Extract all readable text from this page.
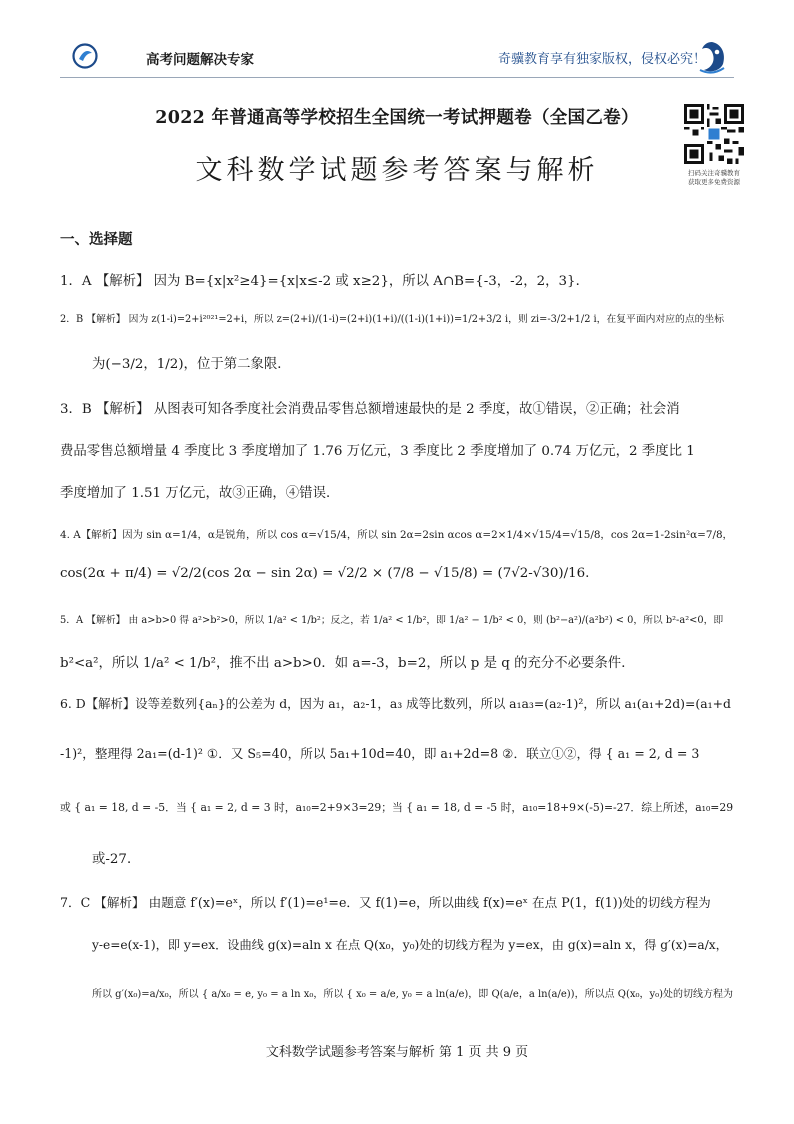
高考问题解决专家	奇骥教育享有独家版权，侵权必究！
2022 年普通高等学校招生全国统一考试押题卷（全国乙卷）
文科数学试题参考答案与解析	扫码关注奇骥教育
获取更多免费资源
一、选择题
1．A 【解析】 因为 B={x|x²≥4}={x|x≤-2 或 x≥2}，所以 A∩B={-3，-2，2，3}．
2．B 【解析】 因为 z(1-i)=2+i²⁰²¹=2+i，所以 z=(2+i)/(1-i)=(2+i)(1+i)/((1-i)(1+i))=1/2+3/2 i，则 zi=-3/2+1/2 i，在复平面内对应的点的坐标
为(−3/2，1/2)，位于第二象限．
3．B 【解析】 从图表可知各季度社会消费品零售总额增速最快的是 2 季度，故①错误，②正确；社会消
费品零售总额增量 4 季度比 3 季度增加了 1.76 万亿元，3 季度比 2 季度增加了 0.74 万亿元，2 季度比 1
季度增加了 1.51 万亿元，故③正确，④错误．
4. A【解析】因为 sin α=1/4，α是锐角，所以 cos α=√15/4，所以 sin 2α=2sin αcos α=2×1/4×√15/4=√15/8，cos 2α=1-2sin²α=7/8，
cos(2α + π/4) = √2/2(cos 2α − sin 2α) = √2/2 × (7/8 − √15/8) = (7√2-√30)/16.
5．A 【解析】 由 a>b>0 得 a²>b²>0，所以 1/a² < 1/b²；反之，若 1/a² < 1/b²，即 1/a² − 1/b² < 0，则 (b²−a²)/(a²b²) < 0，所以 b²-a²<0，即
b²<a²，所以 1/a² < 1/b²，推不出 a>b>0．如 a=-3，b=2，所以 p 是 q 的充分不必要条件．
6. D【解析】设等差数列{aₙ}的公差为 d，因为 a₁，a₂-1，a₃ 成等比数列，所以 a₁a₃=(a₂-1)²，所以 a₁(a₁+2d)=(a₁+d
-1)²，整理得 2a₁=(d-1)² ①．又 S₅=40，所以 5a₁+10d=40，即 a₁+2d=8 ②．联立①②，得 { a₁ = 2, d = 3
或 { a₁ = 18, d = -5．当 { a₁ = 2, d = 3 时，a₁₀=2+9×3=29；当 { a₁ = 18, d = -5 时，a₁₀=18+9×(-5)=-27．综上所述，a₁₀=29
或-27．
7．C 【解析】 由题意 f′(x)=eˣ，所以 f′(1)=e¹=e．又 f(1)=e，所以曲线 f(x)=eˣ 在点 P(1，f(1))处的切线方程为
y-e=e(x-1)，即 y=ex．设曲线 g(x)=aln x 在点 Q(x₀，y₀)处的切线方程为 y=ex，由 g(x)=aln x，得 g′(x)=a/x，
所以 g′(x₀)=a/x₀，所以 { a/x₀ = e, y₀ = a ln x₀，所以 { x₀ = a/e, y₀ = a ln(a/e)，即 Q(a/e，a ln(a/e))，所以点 Q(x₀，y₀)处的切线方程为
文科数学试题参考答案与解析 第 1 页 共 9 页
